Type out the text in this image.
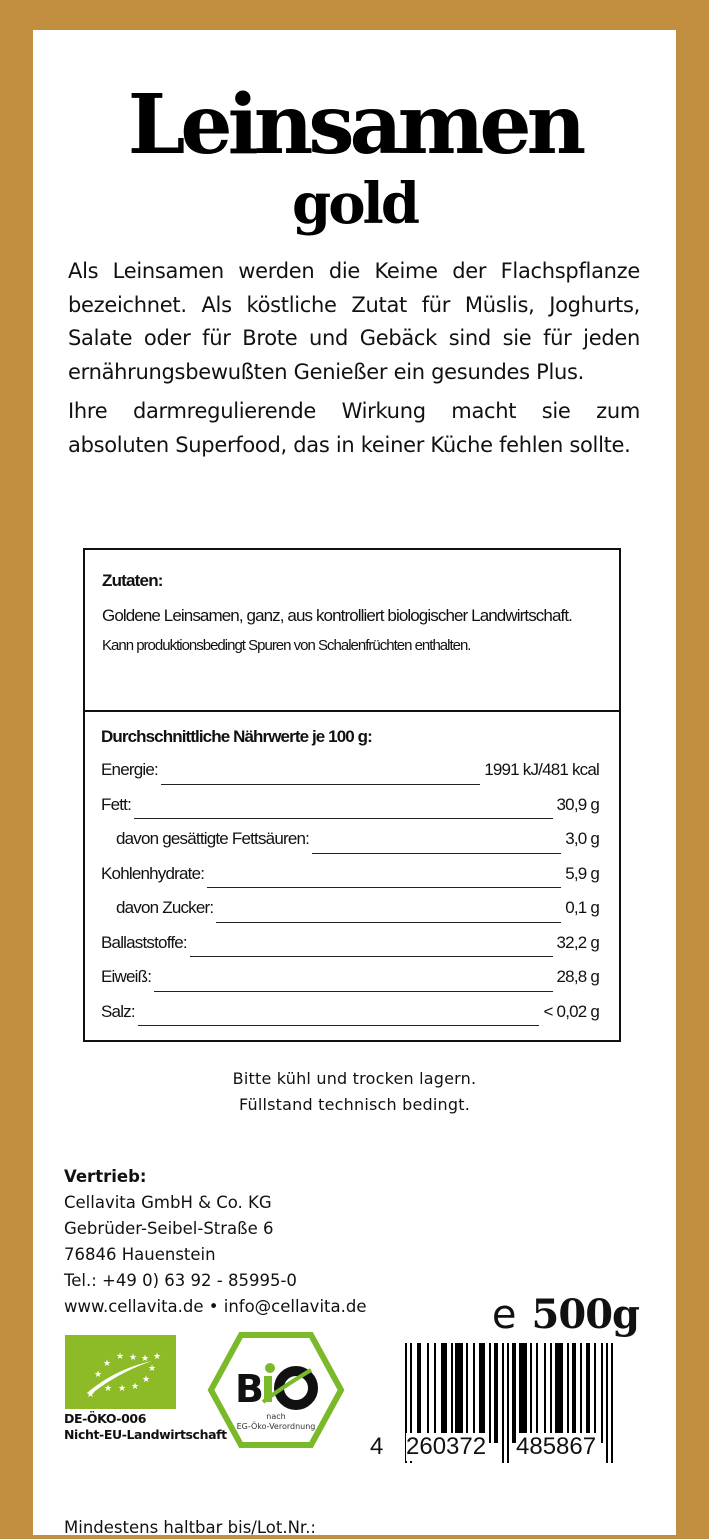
Leinsamen
gold

Als Leinsamen werden die Keime der Flachspflanze bezeichnet. Als köstliche Zutat für Müslis, Joghurts, Salate oder für Brote und Gebäck sind sie für jeden ernährungsbewußten Genießer ein gesundes Plus.

Ihre darmregulierende Wirkung macht sie zum absoluten Superfood, das in keiner Küche fehlen sollte.

Zutaten:
Goldene Leinsamen, ganz, aus kontrolliert biologischer Landwirtschaft.
Kann produktionsbedingt Spuren von Schalenfrüchten enthalten.
Durchschnittliche Nährwerte je 100 g:
Energie:	1991 kJ/481 kcal
Fett:	30,9 g
davon gesättigte Fettsäuren:	3,0 g
Kohlenhydrate:	5,9 g
davon Zucker:	0,1 g
Ballaststoffe:	32,2 g
Eiweiß:	28,8 g
Salz:	< 0,02 g
Bitte kühl und trocken lagern.
Füllstand technisch bedingt.
Vertrieb:
Cellavita GmbH & Co. KG
Gebrüder-Seibel-Straße 6
76846 Hauenstein
Tel.: +49 0) 63 92 - 85995-0
www.cellavita.de • info@cellavita.de	e 500g
★
★
★
★ ★ ★ ★
★
★
★
★
★
DE-ÖKO-006
Nicht-EU-Landwirtschaft
B
nach
EG-Öko-Verordnung
4 260372 485867
Mindestens haltbar bis/Lot.Nr.:
